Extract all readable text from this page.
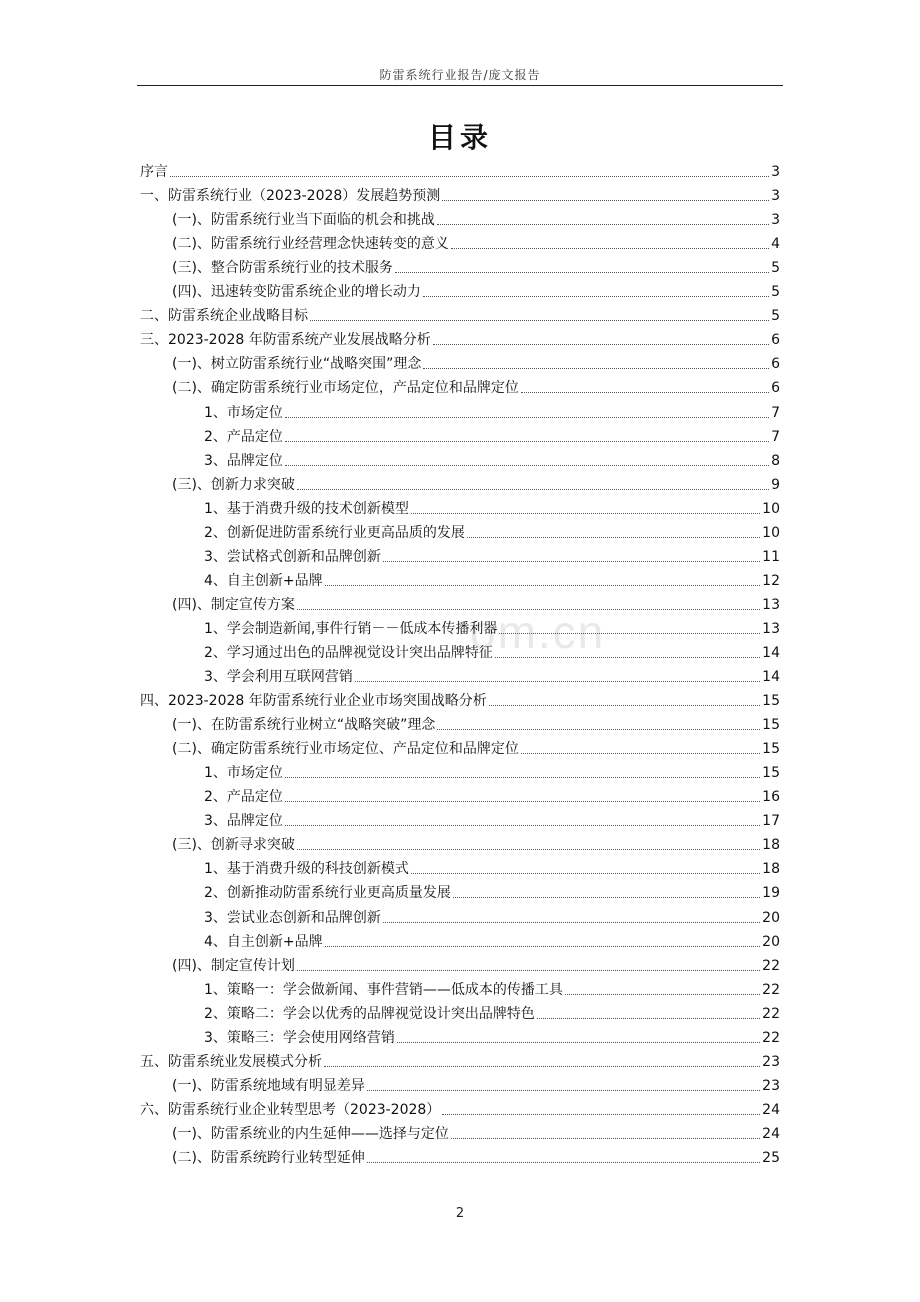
防雷系统行业报告/庞文报告
目录
om.cn
序言	3
一、防雷系统行业（2023-2028）发展趋势预测	3
(一)、防雷系统行业当下面临的机会和挑战	3
(二)、防雷系统行业经营理念快速转变的意义	4
(三)、整合防雷系统行业的技术服务	5
(四)、迅速转变防雷系统企业的增长动力	5
二、防雷系统企业战略目标	5
三、2023-2028 年防雷系统产业发展战略分析	6
(一)、树立防雷系统行业“战略突围”理念	6
(二)、确定防雷系统行业市场定位，产品定位和品牌定位	6
1、市场定位	7
2、产品定位	7
3、品牌定位	8
(三)、创新力求突破	9
1、基于消费升级的技术创新模型	10
2、创新促进防雷系统行业更高品质的发展	10
3、尝试格式创新和品牌创新	11
4、自主创新+品牌	12
(四)、制定宣传方案	13
1、学会制造新闻,事件行销－－低成本传播利器	13
2、学习通过出色的品牌视觉设计突出品牌特征	14
3、学会利用互联网营销	14
四、2023-2028 年防雷系统行业企业市场突围战略分析	15
(一)、在防雷系统行业树立“战略突破”理念	15
(二)、确定防雷系统行业市场定位、产品定位和品牌定位	15
1、市场定位	15
2、产品定位	16
3、品牌定位	17
(三)、创新寻求突破	18
1、基于消费升级的科技创新模式	18
2、创新推动防雷系统行业更高质量发展	19
3、尝试业态创新和品牌创新	20
4、自主创新+品牌	20
(四)、制定宣传计划	22
1、策略一：学会做新闻、事件营销——低成本的传播工具	22
2、策略二：学会以优秀的品牌视觉设计突出品牌特色	22
3、策略三：学会使用网络营销	22
五、防雷系统业发展模式分析	23
(一)、防雷系统地域有明显差异	23
六、防雷系统行业企业转型思考（2023-2028）	24
(一)、防雷系统业的内生延伸——选择与定位	24
(二)、防雷系统跨行业转型延伸	25
2
